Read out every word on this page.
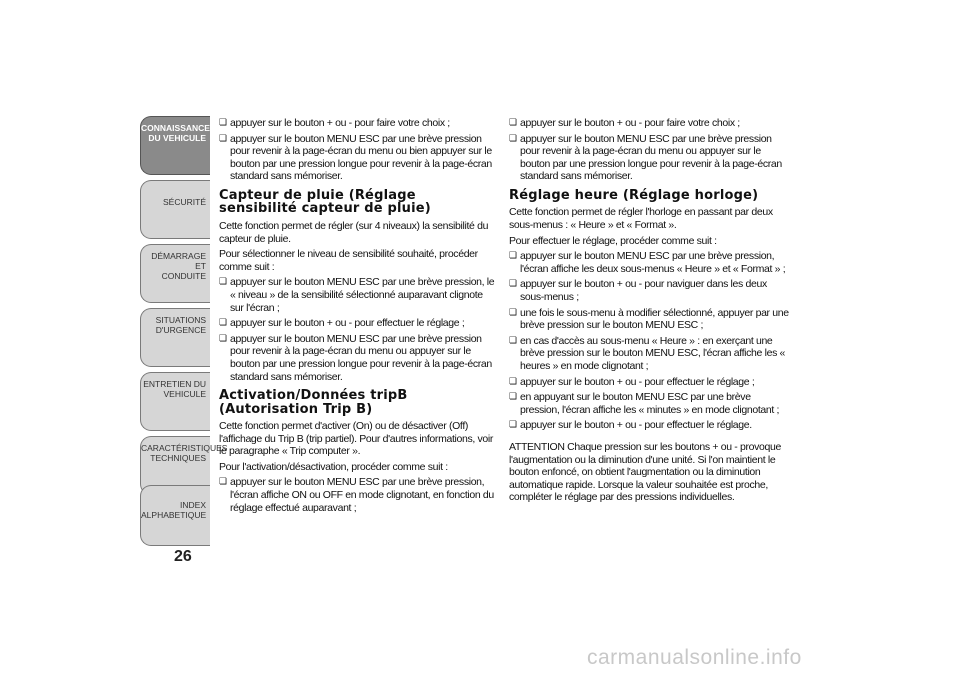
CONNAISSANCE
DU VEHICULE
SÉCURITÉ
DÉMARRAGE ET
CONDUITE
SITUATIONS
D'URGENCE
ENTRETIEN DU
VEHICULE
CARACTÉRISTIQUES
TECHNIQUES
INDEX
ALPHABETIQUE
26
❏ appuyer sur le bouton + ou - pour faire votre choix ;
❏ appuyer sur le bouton MENU ESC par une brève pression pour revenir à la page-écran du menu ou bien appuyer sur le bouton par une pression longue pour revenir à la page-écran standard sans mémoriser.
Capteur de pluie (Réglage sensibilité capteur de pluie)
Cette fonction permet de régler (sur 4 niveaux) la sensibilité du capteur de pluie.
Pour sélectionner le niveau de sensibilité souhaité, procéder comme suit :
❏ appuyer sur le bouton MENU ESC par une brève pression, le « niveau » de la sensibilité sélectionné auparavant clignote sur l'écran ;
❏ appuyer sur le bouton + ou - pour effectuer le réglage ;
❏ appuyer sur le bouton MENU ESC par une brève pression pour revenir à la page-écran du menu ou appuyer sur le bouton par une pression longue pour revenir à la page-écran standard sans mémoriser.
Activation/Données tripB (Autorisation Trip B)
Cette fonction permet d'activer (On) ou de désactiver (Off) l'affichage du Trip B (trip partiel). Pour d'autres informations, voir le paragraphe « Trip computer ».
Pour l'activation/désactivation, procéder comme suit :
❏ appuyer sur le bouton MENU ESC par une brève pression, l'écran affiche ON ou OFF en mode clignotant, en fonction du réglage effectué auparavant ;
❏ appuyer sur le bouton + ou - pour faire votre choix ;
❏ appuyer sur le bouton MENU ESC par une brève pression pour revenir à la page-écran du menu ou appuyer sur le bouton par une pression longue pour revenir à la page-écran standard sans mémoriser.
Réglage heure (Réglage horloge)
Cette fonction permet de régler l'horloge en passant par deux sous-menus : « Heure » et « Format ».
Pour effectuer le réglage, procéder comme suit :
❏ appuyer sur le bouton MENU ESC par une brève pression, l'écran affiche les deux sous-menus « Heure » et « Format » ;
❏ appuyer sur le bouton + ou - pour naviguer dans les deux sous-menus ;
❏ une fois le sous-menu à modifier sélectionné, appuyer par une brève pression sur le bouton MENU ESC ;
❏ en cas d'accès au sous-menu « Heure » : en exerçant une brève pression sur le bouton MENU ESC, l'écran affiche les « heures » en mode clignotant ;
❏ appuyer sur le bouton + ou - pour effectuer le réglage ;
❏ en appuyant sur le bouton MENU ESC par une brève pression, l'écran affiche les « minutes » en mode clignotant ;
❏ appuyer sur le bouton + ou - pour effectuer le réglage.
ATTENTION Chaque pression sur les boutons + ou - provoque l'augmentation ou la diminution d'une unité. Si l'on maintient le bouton enfoncé, on obtient l'augmentation ou la diminution automatique rapide. Lorsque la valeur souhaitée est proche, compléter le réglage par des pressions individuelles.
carmanualsonline.info
